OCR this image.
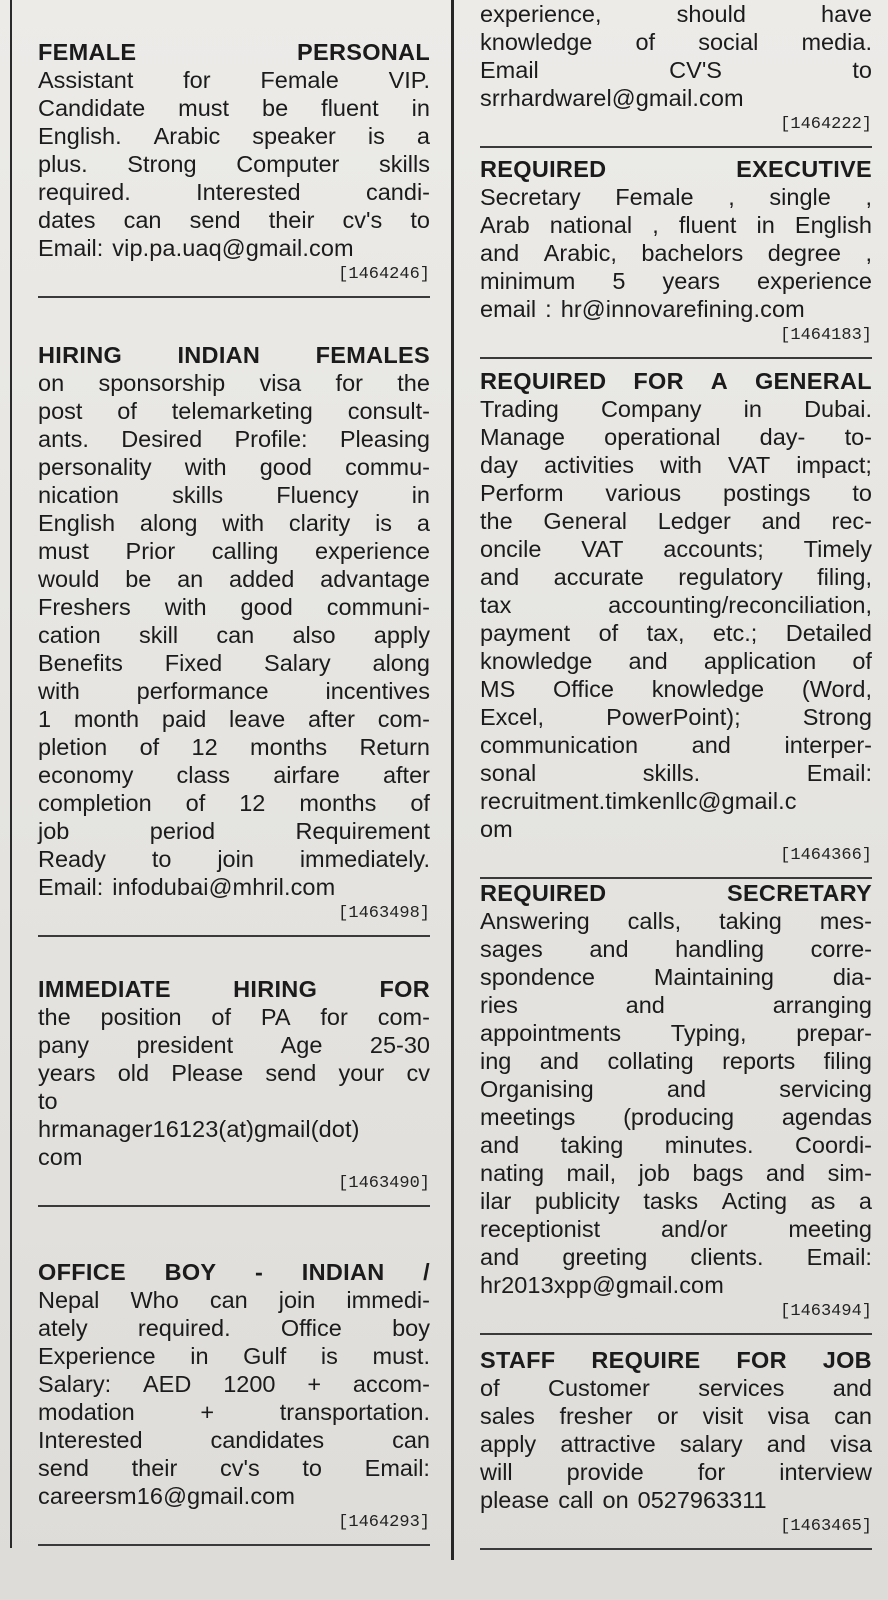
FEMALE	PERSONAL
Assistant for Female VIP.
Candidate must be fluent in
English. Arabic speaker is a
plus. Strong Computer skills
required.	Interested	candi-
dates can send their cv's to
Email: vip.pa.uaq@gmail.com
[1464246]
HIRING INDIAN FEMALES
on sponsorship visa for the
post of telemarketing consult-
ants. Desired Profile: Pleasing
personality with good commu-
nication skills Fluency in
English along with clarity is a
must Prior calling experience
would be an added advantage
Freshers with good communi-
cation skill can also apply
Benefits Fixed Salary along
with performance incentives
1 month paid leave after com-
pletion of 12 months Return
economy class airfare after
completion of 12 months of
job	period	Requirement
Ready to join immediately.
Email: infodubai@mhril.com
[1463498]
IMMEDIATE	HIRING	FOR
the position of PA for com-
pany president Age 25-30
years old Please send your cv
to
hrmanager16123(at)gmail(dot)
com
[1463490]
OFFICE BOY - INDIAN /
Nepal Who can join immedi-
ately required. Office boy
Experience in Gulf is must.
Salary: AED 1200 + accom-
modation	+	transportation.
Interested	candidates	can
send their cv's to Email:
careersm16@gmail.com
[1464293]
experience,	should	have
knowledge of social media.
Email	CV'S	to
srrhardwarel@gmail.com
[1464222]
REQUIRED	EXECUTIVE
Secretary Female , single ,
Arab national , fluent in English
and Arabic, bachelors degree ,
minimum 5 years experience
email : hr@innovarefining.com
[1464183]
REQUIRED FOR A GENERAL
Trading Company in Dubai.
Manage operational day- to-
day activities with VAT impact;
Perform various postings to
the General Ledger and rec-
oncile VAT accounts; Timely
and accurate regulatory filing,
tax	accounting/reconciliation,
payment of tax, etc.; Detailed
knowledge and application of
MS Office knowledge (Word,
Excel,	PowerPoint);	Strong
communication and interper-
sonal	skills.	Email:
recruitment.timkenllc@gmail.c
om
[1464366]
REQUIRED	SECRETARY
Answering calls, taking mes-
sages and handling corre-
spondence	Maintaining	dia-
ries	and	arranging
appointments Typing, prepar-
ing and collating reports filing
Organising	and	servicing
meetings (producing agendas
and taking minutes. Coordi-
nating mail, job bags and sim-
ilar publicity tasks Acting as a
receptionist	and/or	meeting
and greeting clients. Email:
hr2013xpp@gmail.com
[1463494]
STAFF REQUIRE FOR JOB
of Customer services and
sales fresher or visit visa can
apply attractive salary and visa
will provide for interview
please call on 0527963311
[1463465]
